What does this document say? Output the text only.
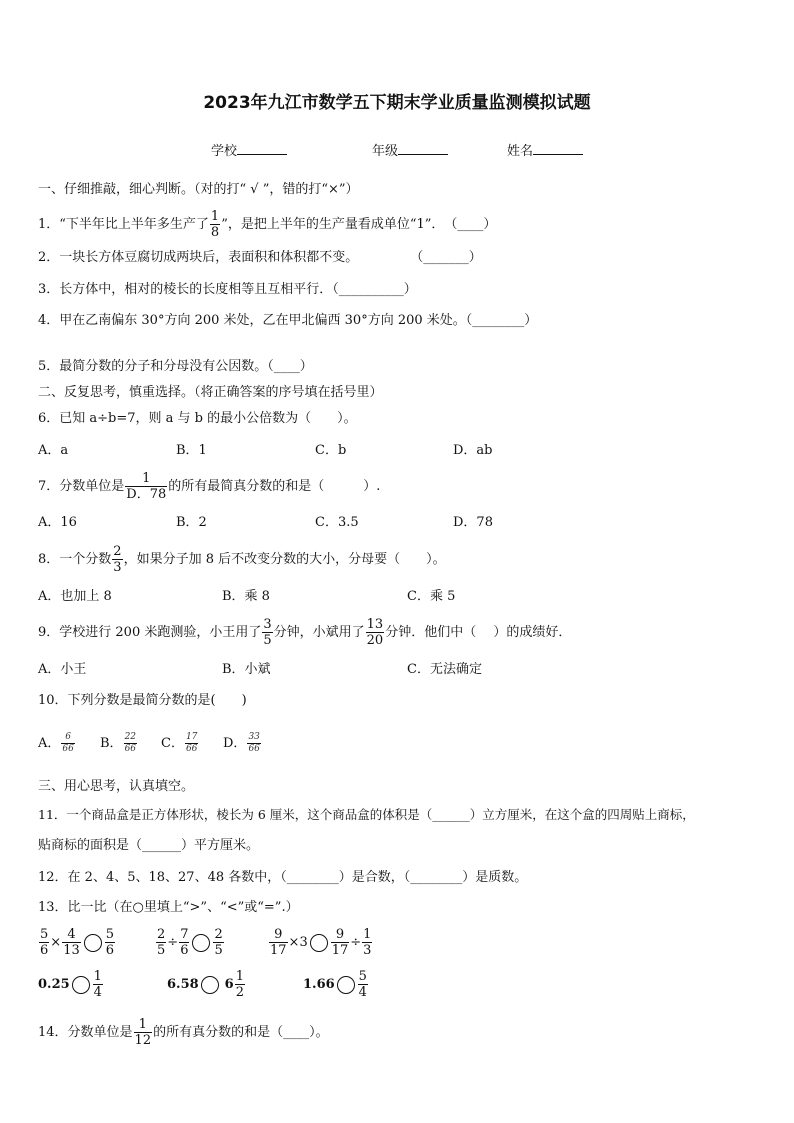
2023年九江市数学五下期末学业质量监测模拟试题
学校	年级	姓名
一、仔细推敲，细心判断。（对的打“ √ ”，错的打“×”）
1．“下半年比上半年多生产了 $\frac{1}{8}$ ”，是把上半年的生产量看成单位“1”．　（____）
2．一块长方体豆腐切成两块后，表面积和体积都不变。　　　　　（_______）
3．长方体中，相对的棱长的长度相等且互相平行．（__________）
4．甲在乙南偏东 30°方向 200 米处，乙在甲北偏西 30°方向 200 米处。（________）
5．最简分数的分子和分母没有公因数。（____）
二、反复思考，慎重选择。（将正确答案的序号填在括号里）
6．已知 a÷b=7，则 a 与 b 的最小公倍数为（　　）。
A．a	B．1	C．b	D．ab
7．分数单位是 $\frac{1}{D.78}$ 的所有最简真分数的和是（　　　）.
A．16	B．2	C．3.5	D．78
8．一个分数 $\frac{2}{3}$ ，如果分子加 8 后不改变分数的大小，分母要（　　）。
A．也加上 8	B．乘 8	C．乘 5
9．学校进行 200 米跑测验，小王用了 $\frac{3}{5}$ 分钟，小斌用了 $\frac{13}{20}$ 分钟．他们中（　 ）的成绩好．
A．小王	B．小斌	C．无法确定
10．下列分数是最简分数的是(　　)
A． $\frac{6}{66}$ B． $\frac{22}{66}$ C． $\frac{17}{66}$ D． $\frac{33}{66}$
三、用心思考，认真填空。
11．一个商品盒是正方体形状，棱长为 6 厘米，这个商品盒的体积是（______）立方厘米，在这个盒的四周贴上商标，
贴商标的面积是（______）平方厘米。
12．在 2、4、5、18、27、48 各数中，（________）是合数，（________）是质数。
13．比一比（在○里填上“>”、“<”或“=”.）
$\frac{5}{6} \times \frac{4}{13} \frac{5}{6}$	$\frac{2}{5} \div \frac{7}{6} \frac{2}{5}$	$\frac{9}{17} \times 3 \frac{9}{17} \div \frac{1}{3}$
$0.25 \frac{1}{4}$	6.58 $6 \frac{1}{2}$	$1.66 \frac{5}{4}$
14．分数单位是 $\frac{1}{12}$ 的所有真分数的和是（____）。
